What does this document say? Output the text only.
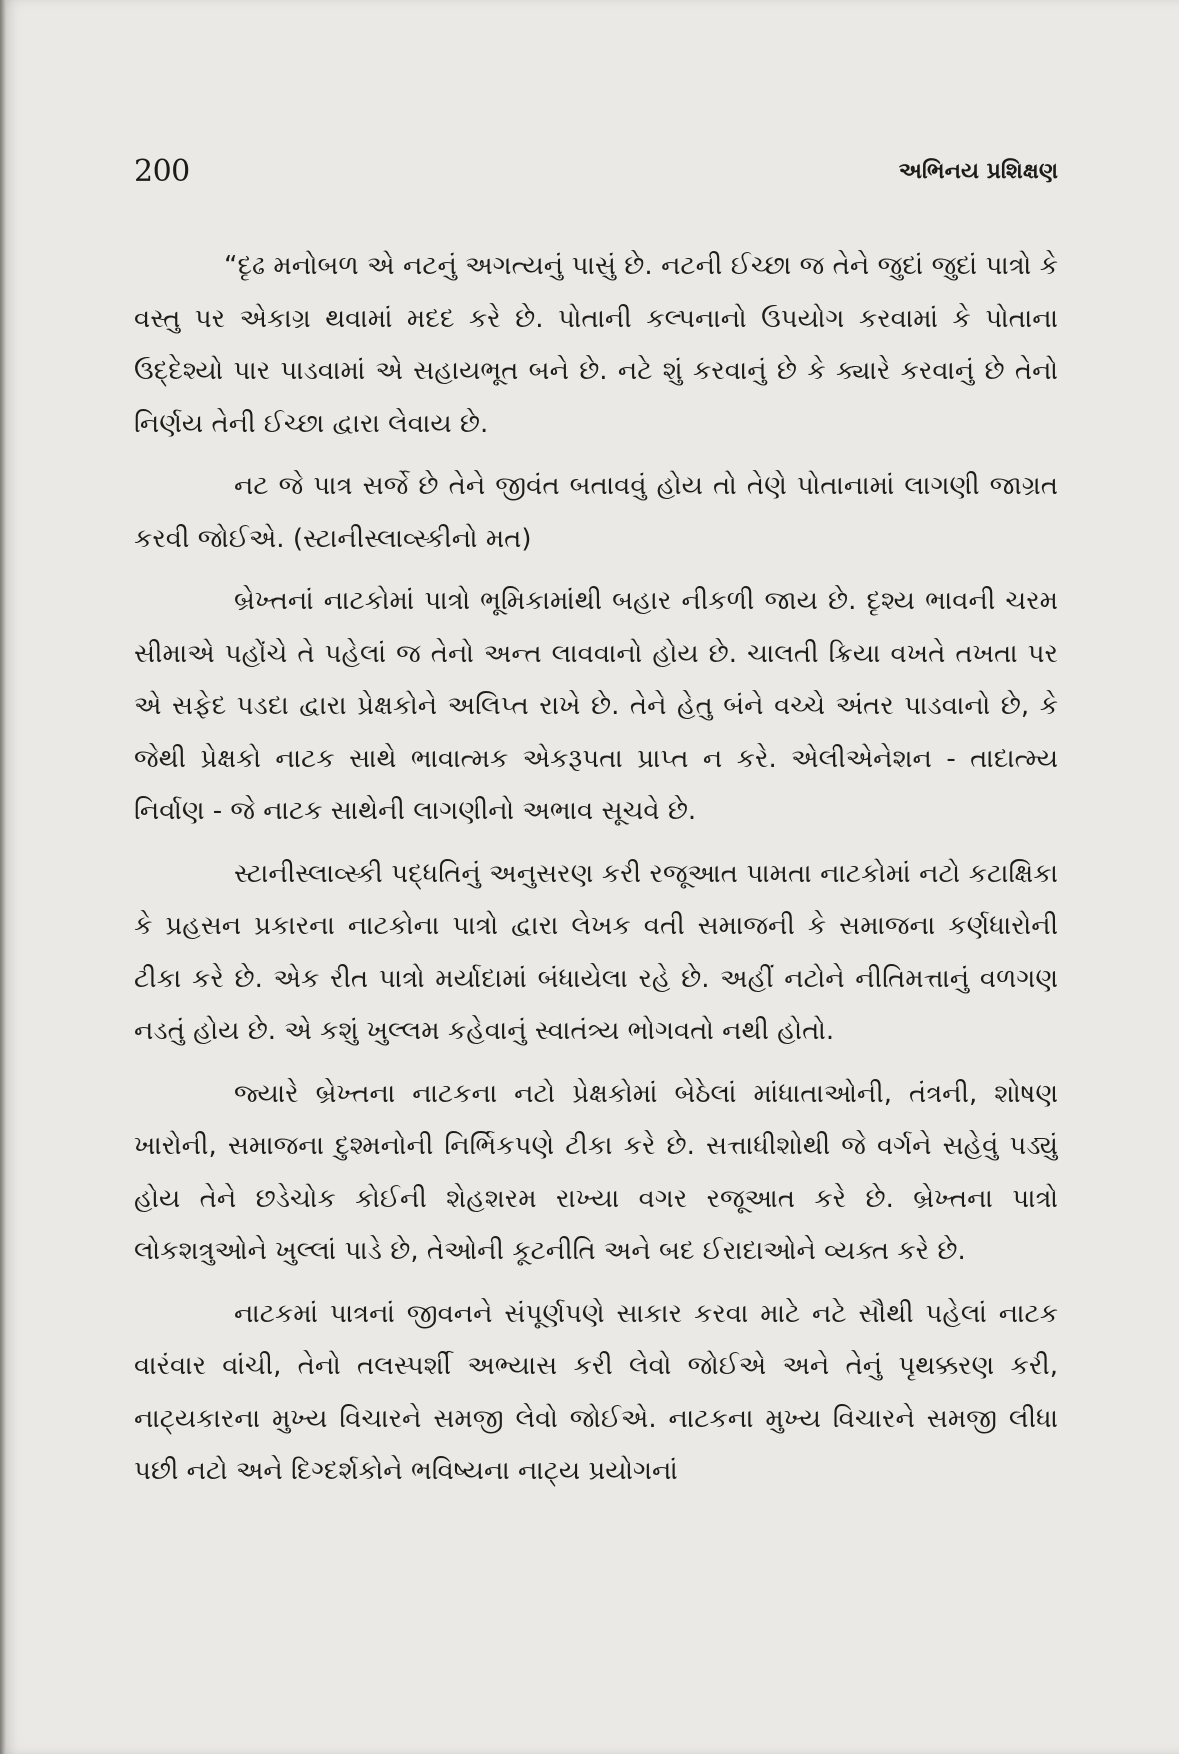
200	અભિનય પ્રશિક્ષણ

“દૃઢ મનોબળ એ નટનું અગત્યનું પાસું છે. નટની ઈચ્છા જ તેને જુદાં જુદાં પાત્રો કે વસ્તુ પર એકાગ્ર થવામાં મદદ કરે છે. પોતાની કલ્પનાનો ઉપયોગ કરવામાં કે પોતાના ઉદ્દેશ્યો પાર પાડવામાં એ સહાયભૂત બને છે. નટે શું કરવાનું છે કે ક્યારે કરવાનું છે તેનો નિર્ણય તેની ઈચ્છા દ્વારા લેવાય છે.

નટ જે પાત્ર સર્જે છે તેને જીવંત બતાવવું હોય તો તેણે પોતાનામાં લાગણી જાગ્રત કરવી જોઈએ. (સ્ટાનીસ્લાવ્સ્કીનો મત)

બ્રેખ્તનાં નાટકોમાં પાત્રો ભૂમિકામાંથી બહાર નીકળી જાય છે. દૃશ્ય ભાવની ચરમ સીમાએ પહોંચે તે પહેલાં જ તેનો અન્ત લાવવાનો હોય છે. ચાલતી ક્રિયા વખતે તખતા પર એ સફેદ પડદા દ્વારા પ્રેક્ષકોને અલિપ્ત રાખે છે. તેને હેતુ બંને વચ્ચે અંતર પાડવાનો છે, કે જેથી પ્રેક્ષકો નાટક સાથે ભાવાત્મક એકરૂપતા પ્રાપ્ત ન કરે. એલીએનેશન - તાદાત્મ્ય નિર્વાણ - જે નાટક સાથેની લાગણીનો અભાવ સૂચવે છે.

સ્ટાનીસ્લાવ્સ્કી પદ્ધતિનું અનુસરણ કરી રજૂઆત પામતા નાટકોમાં નટો કટાક્ષિકા કે પ્રહસન પ્રકારના નાટકોના પાત્રો દ્વારા લેખક વતી સમાજની કે સમાજના કર્ણધારોની ટીકા કરે છે. એક રીત પાત્રો મર્યાદામાં બંધાયેલા રહે છે. અહીં નટોને નીતિમત્તાનું વળગણ નડતું હોય છે. એ કશું ખુલ્લમ કહેવાનું સ્વાતંત્ર્ય ભોગવતો નથી હોતો.

જ્યારે બ્રેખ્તના નાટકના નટો પ્રેક્ષકોમાં બેઠેલાં માંધાતાઓની, તંત્રની, શોષણ ખારોની, સમાજના દુશ્મનોની નિર્ભિકપણે ટીકા કરે છે. સત્તાધીશોથી જે વર્ગને સહેવું પડ્યું હોય તેને છડેચોક કોઈની શેહશરમ રાખ્યા વગર રજૂઆત કરે છે. બ્રેખ્તના પાત્રો લોકશત્રુઓને ખુલ્લાં પાડે છે, તેઓની કૂટનીતિ અને બદ ઈરાદાઓને વ્યક્ત કરે છે.

નાટકમાં પાત્રનાં જીવનને સંપૂર્ણપણે સાકાર કરવા માટે નટે સૌથી પહેલાં નાટક વારંવાર વાંચી, તેનો તલસ્પર્શી અભ્યાસ કરી લેવો જોઈએ અને તેનું પૃથક્કરણ કરી, નાટ્યકારના મુખ્ય વિચારને સમજી લેવો જોઈએ. નાટકના મુખ્ય વિચારને સમજી લીધા પછી નટો અને દિગ્દર્શકોને ભવિષ્યના નાટ્ય પ્રયોગનાં
